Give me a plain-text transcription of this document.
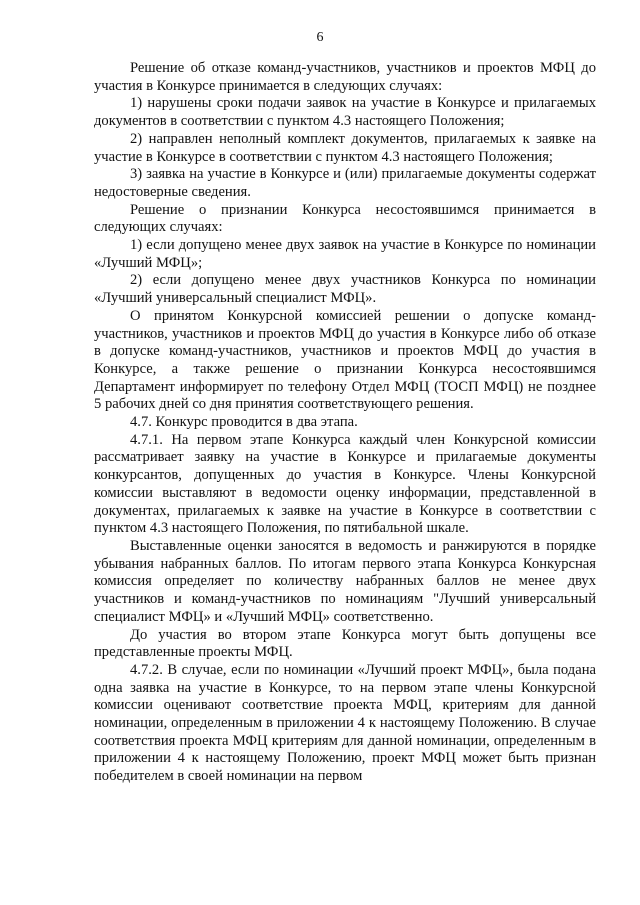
6

Решение об отказе команд-участников, участников и проектов МФЦ до участия в Конкурсе принимается в следующих случаях:

1) нарушены сроки подачи заявок на участие в Конкурсе и прилагаемых документов в соответствии с пунктом 4.3 настоящего Положения;

2) направлен неполный комплект документов, прилагаемых к заявке на участие в Конкурсе в соответствии с пунктом 4.3 настоящего Положения;

3) заявка на участие в Конкурсе и (или) прилагаемые документы содержат недостоверные сведения.

Решение о признании Конкурса несостоявшимся принимается в следующих случаях:

1) если допущено менее двух заявок на участие в Конкурсе по номинации «Лучший МФЦ»;

2) если допущено менее двух участников Конкурса по номинации «Лучший универсальный специалист МФЦ».

О принятом Конкурсной комиссией решении о допуске команд-участников, участников и проектов МФЦ до участия в Конкурсе либо об отказе в допуске команд-участников, участников и проектов МФЦ до участия в Конкурсе, а также решение о признании Конкурса несостоявшимся Департамент информирует по телефону Отдел МФЦ (ТОСП МФЦ) не позднее 5 рабочих дней со дня принятия соответствующего решения.

4.7. Конкурс проводится в два этапа.

4.7.1. На первом этапе Конкурса каждый член Конкурсной комиссии рассматривает заявку на участие в Конкурсе и прилагаемые документы конкурсантов, допущенных до участия в Конкурсе. Члены Конкурсной комиссии выставляют в ведомости оценку информации, представленной в документах, прилагаемых к заявке на участие в Конкурсе в соответствии с пунктом 4.3 настоящего Положения, по пятибальной шкале.

Выставленные оценки заносятся в ведомость и ранжируются в порядке убывания набранных баллов. По итогам первого этапа Конкурса Конкурсная комиссия определяет по количеству набранных баллов не менее двух участников и команд-участников по номинациям "Лучший универсальный специалист МФЦ» и «Лучший МФЦ» соответственно.

До участия во втором этапе Конкурса могут быть допущены все представленные проекты МФЦ.

4.7.2. В случае, если по номинации «Лучший проект МФЦ», была подана одна заявка на участие в Конкурсе, то на первом этапе члены Конкурсной комиссии оценивают соответствие проекта МФЦ, критериям для данной номинации, определенным в приложении 4 к настоящему Положению. В случае соответствия проекта МФЦ критериям для данной номинации, определенным в приложении 4 к настоящему Положению, проект МФЦ может быть признан победителем в своей номинации на первом
